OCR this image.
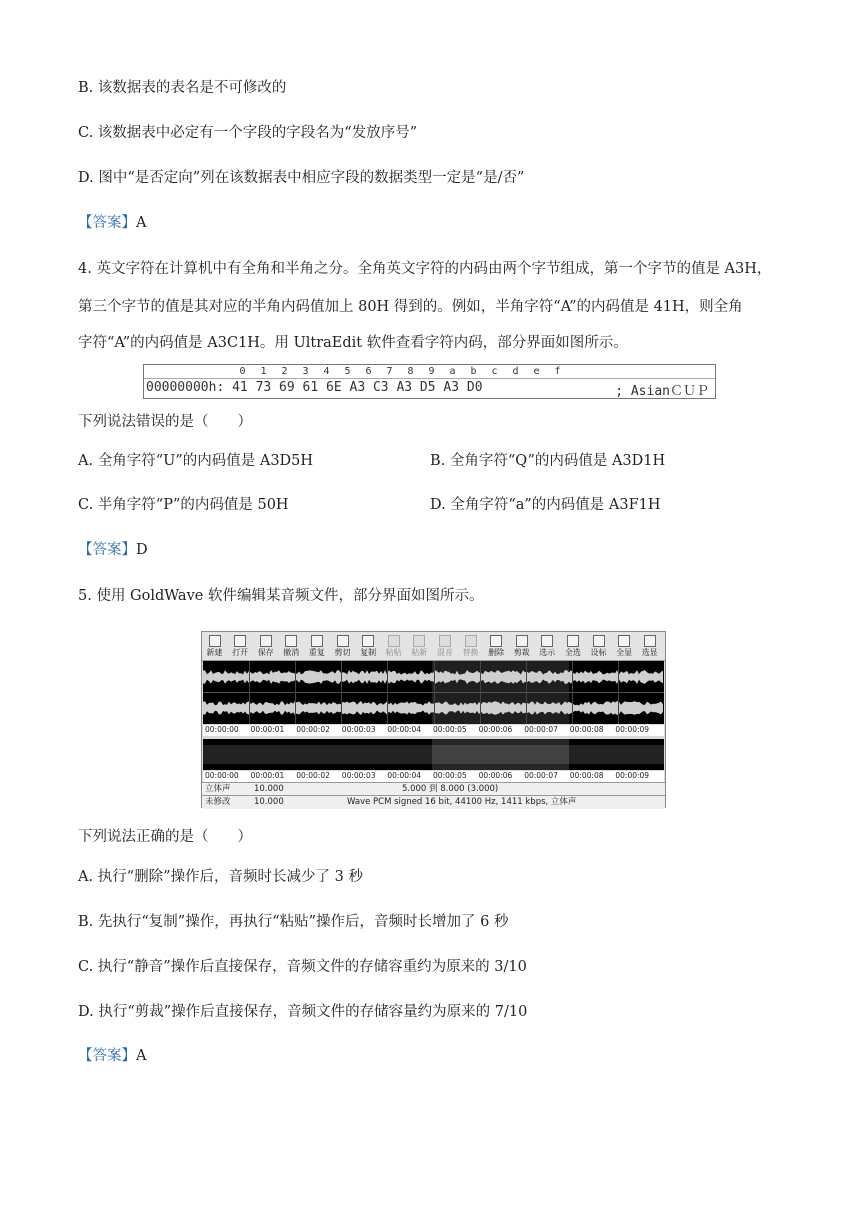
B. 该数据表的表名是不可修改的
C. 该数据表中必定有一个字段的字段名为“发放序号”
D. 图中“是否定向”列在该数据表中相应字段的数据类型一定是“是/否”
【答案】A
4. 英文字符在计算机中有全角和半角之分。全角英文字符的内码由两个字节组成，第一个字节的值是 A3H，
第三个字节的值是其对应的半角内码值加上 80H 得到的。例如，半角字符“A”的内码值是 41H，则全角
字符“A”的内码值是 A3C1H。用 UltraEdit 软件查看字符内码，部分界面如图所示。
0 1 2 3 4 5 6 7 8 9 a b c d e f
00000000h: 41 73 69 61 6E A3 C3 A3 D5 A3 D0	; AsianＣＵＰ
下列说法错误的是（　　）
A. 全角字符“U”的内码值是 A3D5H	B. 全角字符“Q”的内码值是 A3D1H
C. 半角字符“P”的内码值是 50H	D. 全角字符“a”的内码值是 A3F1H
【答案】D
5. 使用 GoldWave 软件编辑某音频文件，部分界面如图所示。
新建	打开	保存	撤消	重复	剪切	复制	粘贴	粘新	混音	替换	删除	剪裁	选示	全选	设标	全显	选显
00:00:00 00:00:01 00:00:02 00:00:03 00:00:04 00:00:05 00:00:06 00:00:07 00:00:08 00:00:09
00:00:00 00:00:01 00:00:02 00:00:03 00:00:04 00:00:05 00:00:06 00:00:07 00:00:08 00:00:09
立体声	10.000	5.000 到 8.000 (3.000)
未修改	10.000	Wave PCM signed 16 bit, 44100 Hz, 1411 kbps, 立体声
下列说法正确的是（　　）
A. 执行“删除”操作后，音频时长减少了 3 秒
B. 先执行“复制”操作，再执行“粘贴”操作后，音频时长增加了 6 秒
C. 执行“静音”操作后直接保存，音频文件的存储容重约为原来的 3/10
D. 执行“剪裁”操作后直接保存，音频文件的存储容量约为原来的 7/10
【答案】A
